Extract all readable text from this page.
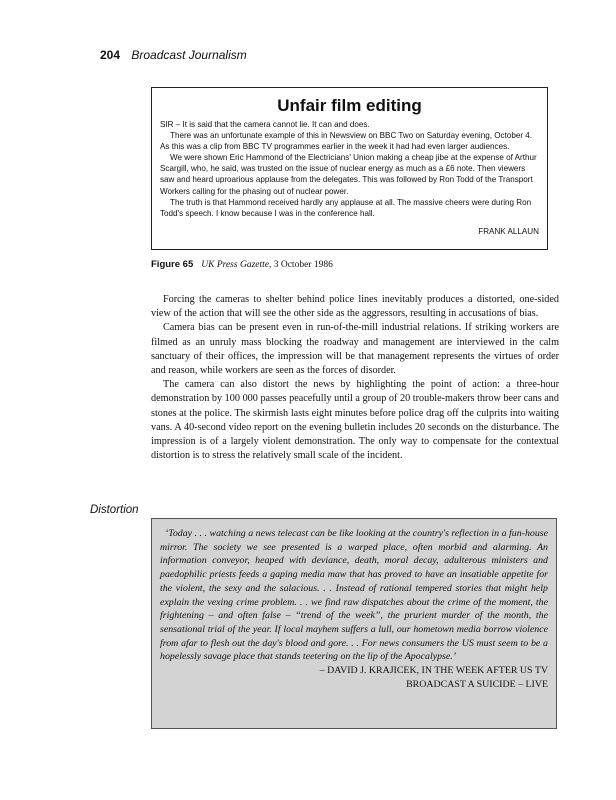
204 Broadcast Journalism
Unfair film editing

SIR – It is said that the camera cannot lie. It can and does.

There was an unfortunate example of this in Newsview on BBC Two on Saturday evening, October 4. As this was a clip from BBC TV programmes earlier in the week it had had even larger audiences.

We were shown Eric Hammond of the Electricians' Union making a cheap jibe at the expense of Arthur Scargill, who, he said, was trusted on the issue of nuclear energy as much as a £6 note. Then viewers saw and heard uproarious applause from the delegates. This was followed by Ron Todd of the Transport Workers calling for the phasing out of nuclear power.

The truth is that Hammond received hardly any applause at all. The massive cheers were during Ron Todd's speech. I know because I was in the conference hall.

FRANK ALLAUN
Figure 65 UK Press Gazette, 3 October 1986

Forcing the cameras to shelter behind police lines inevitably produces a distorted, one-sided view of the action that will see the other side as the aggressors, resulting in accusations of bias.

Camera bias can be present even in run-of-the-mill industrial relations. If striking workers are filmed as an unruly mass blocking the roadway and management are interviewed in the calm sanctuary of their offices, the impression will be that management represents the virtues of order and reason, while workers are seen as the forces of disorder.

The camera can also distort the news by highlighting the point of action: a three-hour demonstration by 100 000 passes peacefully until a group of 20 trouble-makers throw beer cans and stones at the police. The skirmish lasts eight minutes before police drag off the culprits into waiting vans. A 40-second video report on the evening bulletin includes 20 seconds on the disturbance. The impression is of a largely violent demonstration. The only way to compensate for the contextual distortion is to stress the relatively small scale of the incident.

Distortion

‘Today . . . watching a news telecast can be like looking at the country's reflection in a fun-house mirror. The society we see presented is a warped place, often morbid and alarming. An information conveyor, heaped with deviance, death, moral decay, adulterous ministers and paedophilic priests feeds a gaping media maw that has proved to have an insatiable appetite for the violent, the sexy and the salacious. . . Instead of rational tempered stories that might help explain the vexing crime problem. . . we find raw dispatches about the crime of the moment, the frightening – and often false – “trend of the week”, the prurient murder of the month, the sensational trial of the year. If local mayhem suffers a lull, our hometown media borrow violence from afar to flesh out the day's blood and gore. . . For news consumers the US must seem to be a hopelessly savage place that stands teetering on the lip of the Apocalypse.’

– DAVID J. KRAJICEK, IN THE WEEK AFTER US TV
BROADCAST A SUICIDE – LIVE
